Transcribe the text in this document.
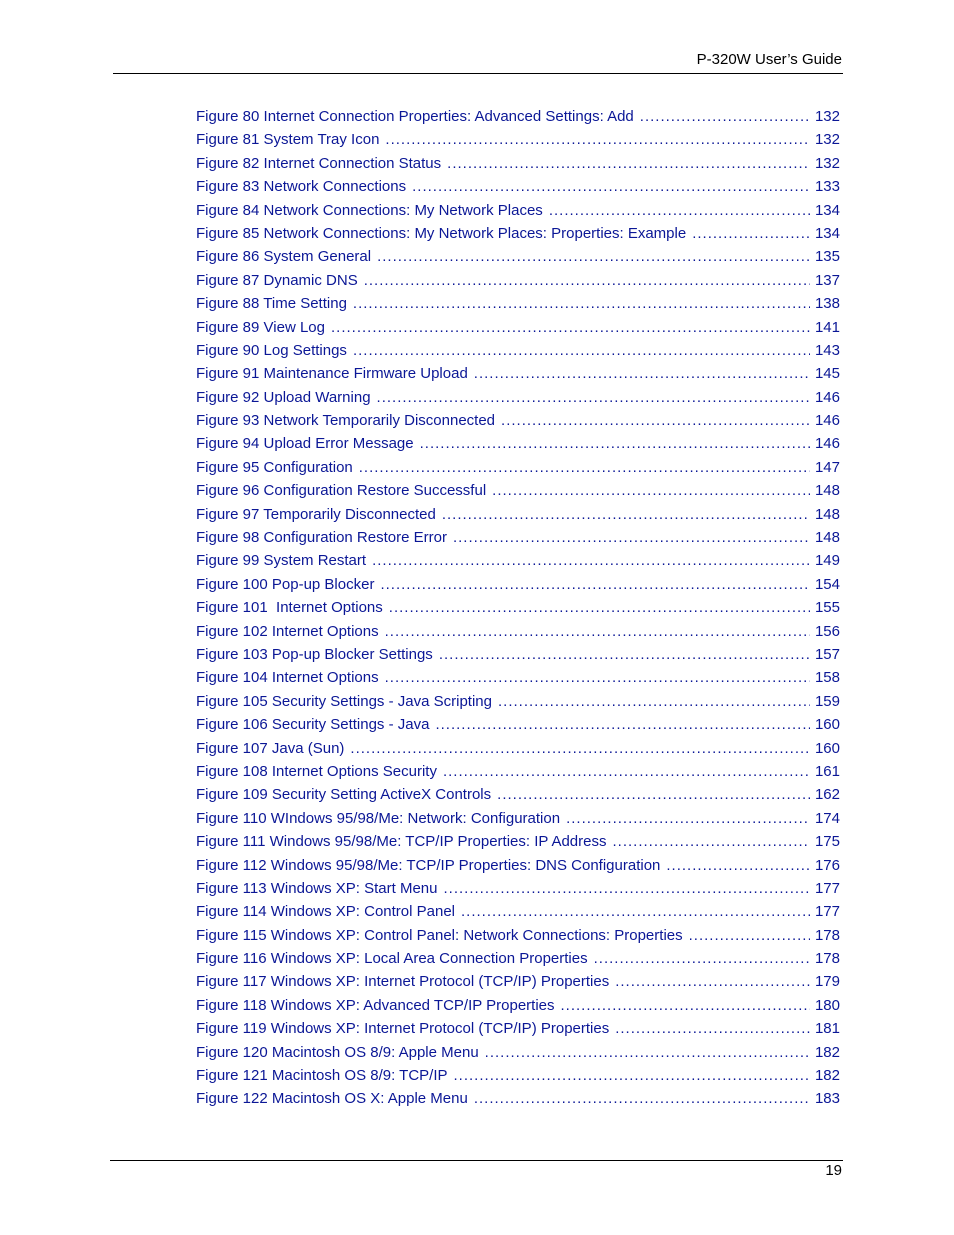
P-320W User’s Guide
Figure 80 Internet Connection Properties: Advanced Settings: Add .....	132
Figure 81 System Tray Icon .....	132
Figure 82 Internet Connection Status .....	132
Figure 83 Network Connections .....	133
Figure 84 Network Connections: My Network Places .....	134
Figure 85 Network Connections: My Network Places: Properties: Example .....	134
Figure 86 System General .....	135
Figure 87 Dynamic DNS .....	137
Figure 88 Time Setting .....	138
Figure 89 View Log .....	141
Figure 90 Log Settings .....	143
Figure 91 Maintenance Firmware Upload .....	145
Figure 92 Upload Warning .....	146
Figure 93 Network Temporarily Disconnected .....	146
Figure 94 Upload Error Message .....	146
Figure 95 Configuration .....	147
Figure 96 Configuration Restore Successful .....	148
Figure 97 Temporarily Disconnected .....	148
Figure 98 Configuration Restore Error .....	148
Figure 99 System Restart .....	149
Figure 100 Pop-up Blocker .....	154
Figure 101  Internet Options .....	155
Figure 102 Internet Options .....	156
Figure 103 Pop-up Blocker Settings .....	157
Figure 104 Internet Options .....	158
Figure 105 Security Settings - Java Scripting .....	159
Figure 106 Security Settings - Java .....	160
Figure 107 Java (Sun) .....	160
Figure 108 Internet Options Security .....	161
Figure 109 Security Setting ActiveX Controls .....	162
Figure 110 WIndows 95/98/Me: Network: Configuration .....	174
Figure 111 Windows 95/98/Me: TCP/IP Properties: IP Address .....	175
Figure 112 Windows 95/98/Me: TCP/IP Properties: DNS Configuration .....	176
Figure 113 Windows XP: Start Menu .....	177
Figure 114 Windows XP: Control Panel .....	177
Figure 115 Windows XP: Control Panel: Network Connections: Properties .....	178
Figure 116 Windows XP: Local Area Connection Properties .....	178
Figure 117 Windows XP: Internet Protocol (TCP/IP) Properties .....	179
Figure 118 Windows XP: Advanced TCP/IP Properties .....	180
Figure 119 Windows XP: Internet Protocol (TCP/IP) Properties .....	181
Figure 120 Macintosh OS 8/9: Apple Menu .....	182
Figure 121 Macintosh OS 8/9: TCP/IP .....	182
Figure 122 Macintosh OS X: Apple Menu .....	183
19
